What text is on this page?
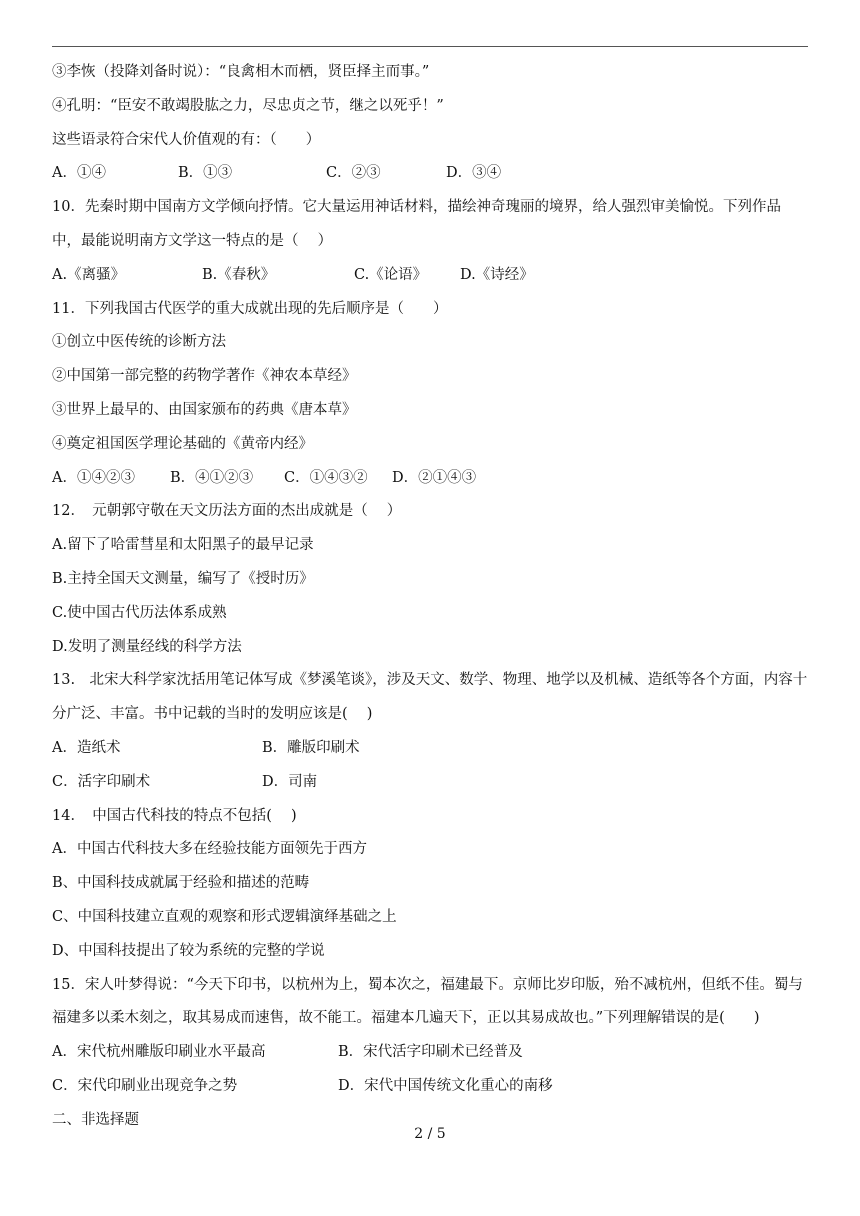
③李恢（投降刘备时说）：“良禽相木而栖，贤臣择主而事。”
④孔明：“臣安不敢竭股肱之力，尽忠贞之节，继之以死乎！”
这些语录符合宋代人价值观的有：（　　）
A．①④	B．①③	C．②③	D．③④
10．先秦时期中国南方文学倾向抒情。它大量运用神话材料，描绘神奇瑰丽的境界，给人强烈审美愉悦。下列作品中，最能说明南方文学这一特点的是（　 ）
A.《离骚》	B.《春秋》	C.《论语》	D.《诗经》
11．下列我国古代医学的重大成就出现的先后顺序是（　　）
①创立中医传统的诊断方法
②中国第一部完整的药物学著作《神农本草经》
③世界上最早的、由国家颁布的药典《唐本草》
④奠定祖国医学理论基础的《黄帝内经》
A．①④②③	B．④①②③	C．①④③②	D．②①④③
12．　元朝郭守敬在天文历法方面的杰出成就是（　 ）
A.留下了哈雷彗星和太阳黑子的最早记录
B.主持全国天文测量，编写了《授时历》
C.使中国古代历法体系成熟
D.发明了测量经线的科学方法
13.　北宋大科学家沈括用笔记体写成《梦溪笔谈》，涉及天文、数学、物理、地学以及机械、造纸等各个方面，内容十分广泛、丰富。书中记载的当时的发明应该是(　 )
A．造纸术	B．雕版印刷术
C．活字印刷术	D．司南
14．　中国古代科技的特点不包括(　 )
A．中国古代科技大多在经验技能方面领先于西方
B、中国科技成就属于经验和描述的范畴
C、中国科技建立直观的观察和形式逻辑演绎基础之上
D、中国科技提出了较为系统的完整的学说
15．宋人叶梦得说：“今天下印书，以杭州为上，蜀本次之，福建最下。京师比岁印版，殆不减杭州，但纸不佳。蜀与福建多以柔木刻之，取其易成而速售，故不能工。福建本几遍天下，正以其易成故也。”下列理解错误的是(　　)
A．宋代杭州雕版印刷业水平最高	B．宋代活字印刷术已经普及
C．宋代印刷业出现竞争之势	D．宋代中国传统文化重心的南移
二、非选择题
2 / 5
